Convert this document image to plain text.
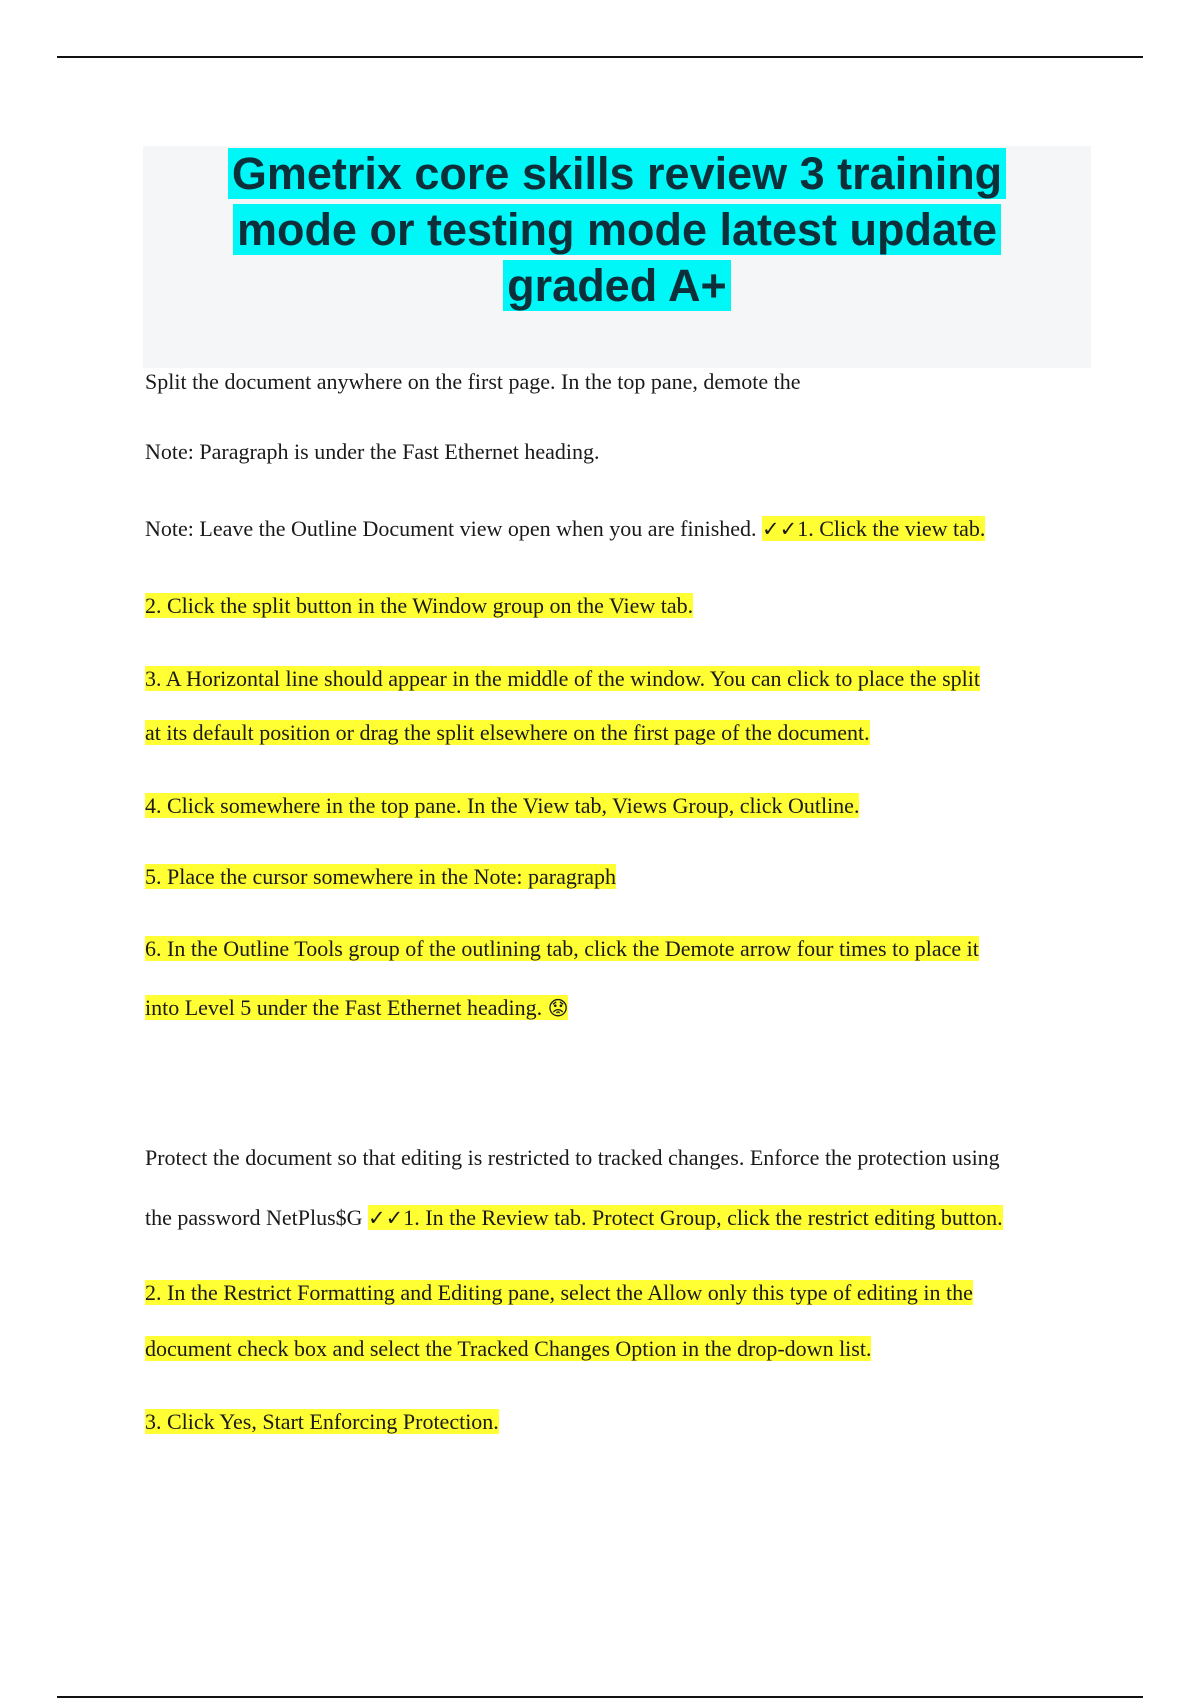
Gmetrix core skills review 3 training
mode or testing mode latest update
graded A+
Split the document anywhere on the first page. In the top pane, demote the
Note: Paragraph is under the Fast Ethernet heading.
Note: Leave the Outline Document view open when you are finished. ✓✓1. Click the view tab.
2. Click the split button in the Window group on the View tab.
3. A Horizontal line should appear in the middle of the window. You can click to place the split
at its default position or drag the split elsewhere on the first page of the document.
4. Click somewhere in the top pane. In the View tab, Views Group, click Outline.
5. Place the cursor somewhere in the Note: paragraph
6. In the Outline Tools group of the outlining tab, click the Demote arrow four times to place it
into Level 5 under the Fast Ethernet heading. 😟
Protect the document so that editing is restricted to tracked changes. Enforce the protection using
the password NetPlus$G ✓✓1. In the Review tab. Protect Group, click the restrict editing button.
2. In the Restrict Formatting and Editing pane, select the Allow only this type of editing in the
document check box and select the Tracked Changes Option in the drop-down list.
3. Click Yes, Start Enforcing Protection.
